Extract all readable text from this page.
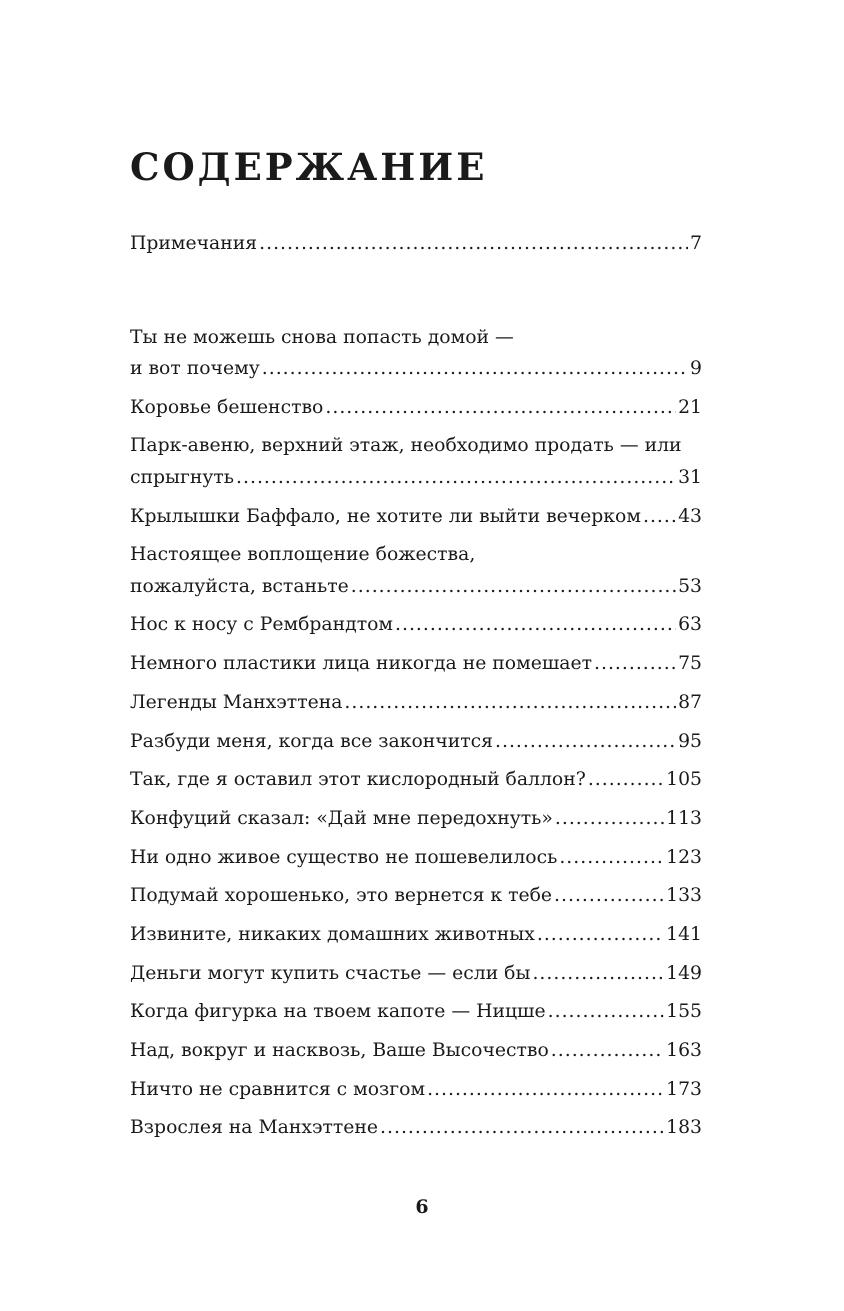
СОДЕРЖАНИЕ
Примечания .....	7
Ты не можешь снова попасть домой —
и вот почему .....	9
Коровье бешенство .....	21
Парк-авеню, верхний этаж, необходимо продать — или
спрыгнуть .....	31
Крылышки Баффало, не хотите ли выйти вечерком ..... 43
Настоящее воплощение божества,
пожалуйста, встаньте .....	53
Нос к носу с Рембрандтом .....	63
Немного пластики лица никогда не помешает .....	75
Легенды Манхэттена .....	87
Разбуди меня, когда все закончится .....	95
Так, где я оставил этот кислородный баллон? .....	105
Конфуций сказал: «Дай мне передохнуть» .....	113
Ни одно живое существо не пошевелилось .....	123
Подумай хорошенько, это вернется к тебе .....	133
Извините, никаких домашних животных .....	141
Деньги могут купить счастье — если бы .....	149
Когда фигурка на твоем капоте — Ницше .....	155
Над, вокруг и насквозь, Ваше Высочество .....	163
Ничто не сравнится с мозгом .....	173
Взрослея на Манхэттене .....	183
6
